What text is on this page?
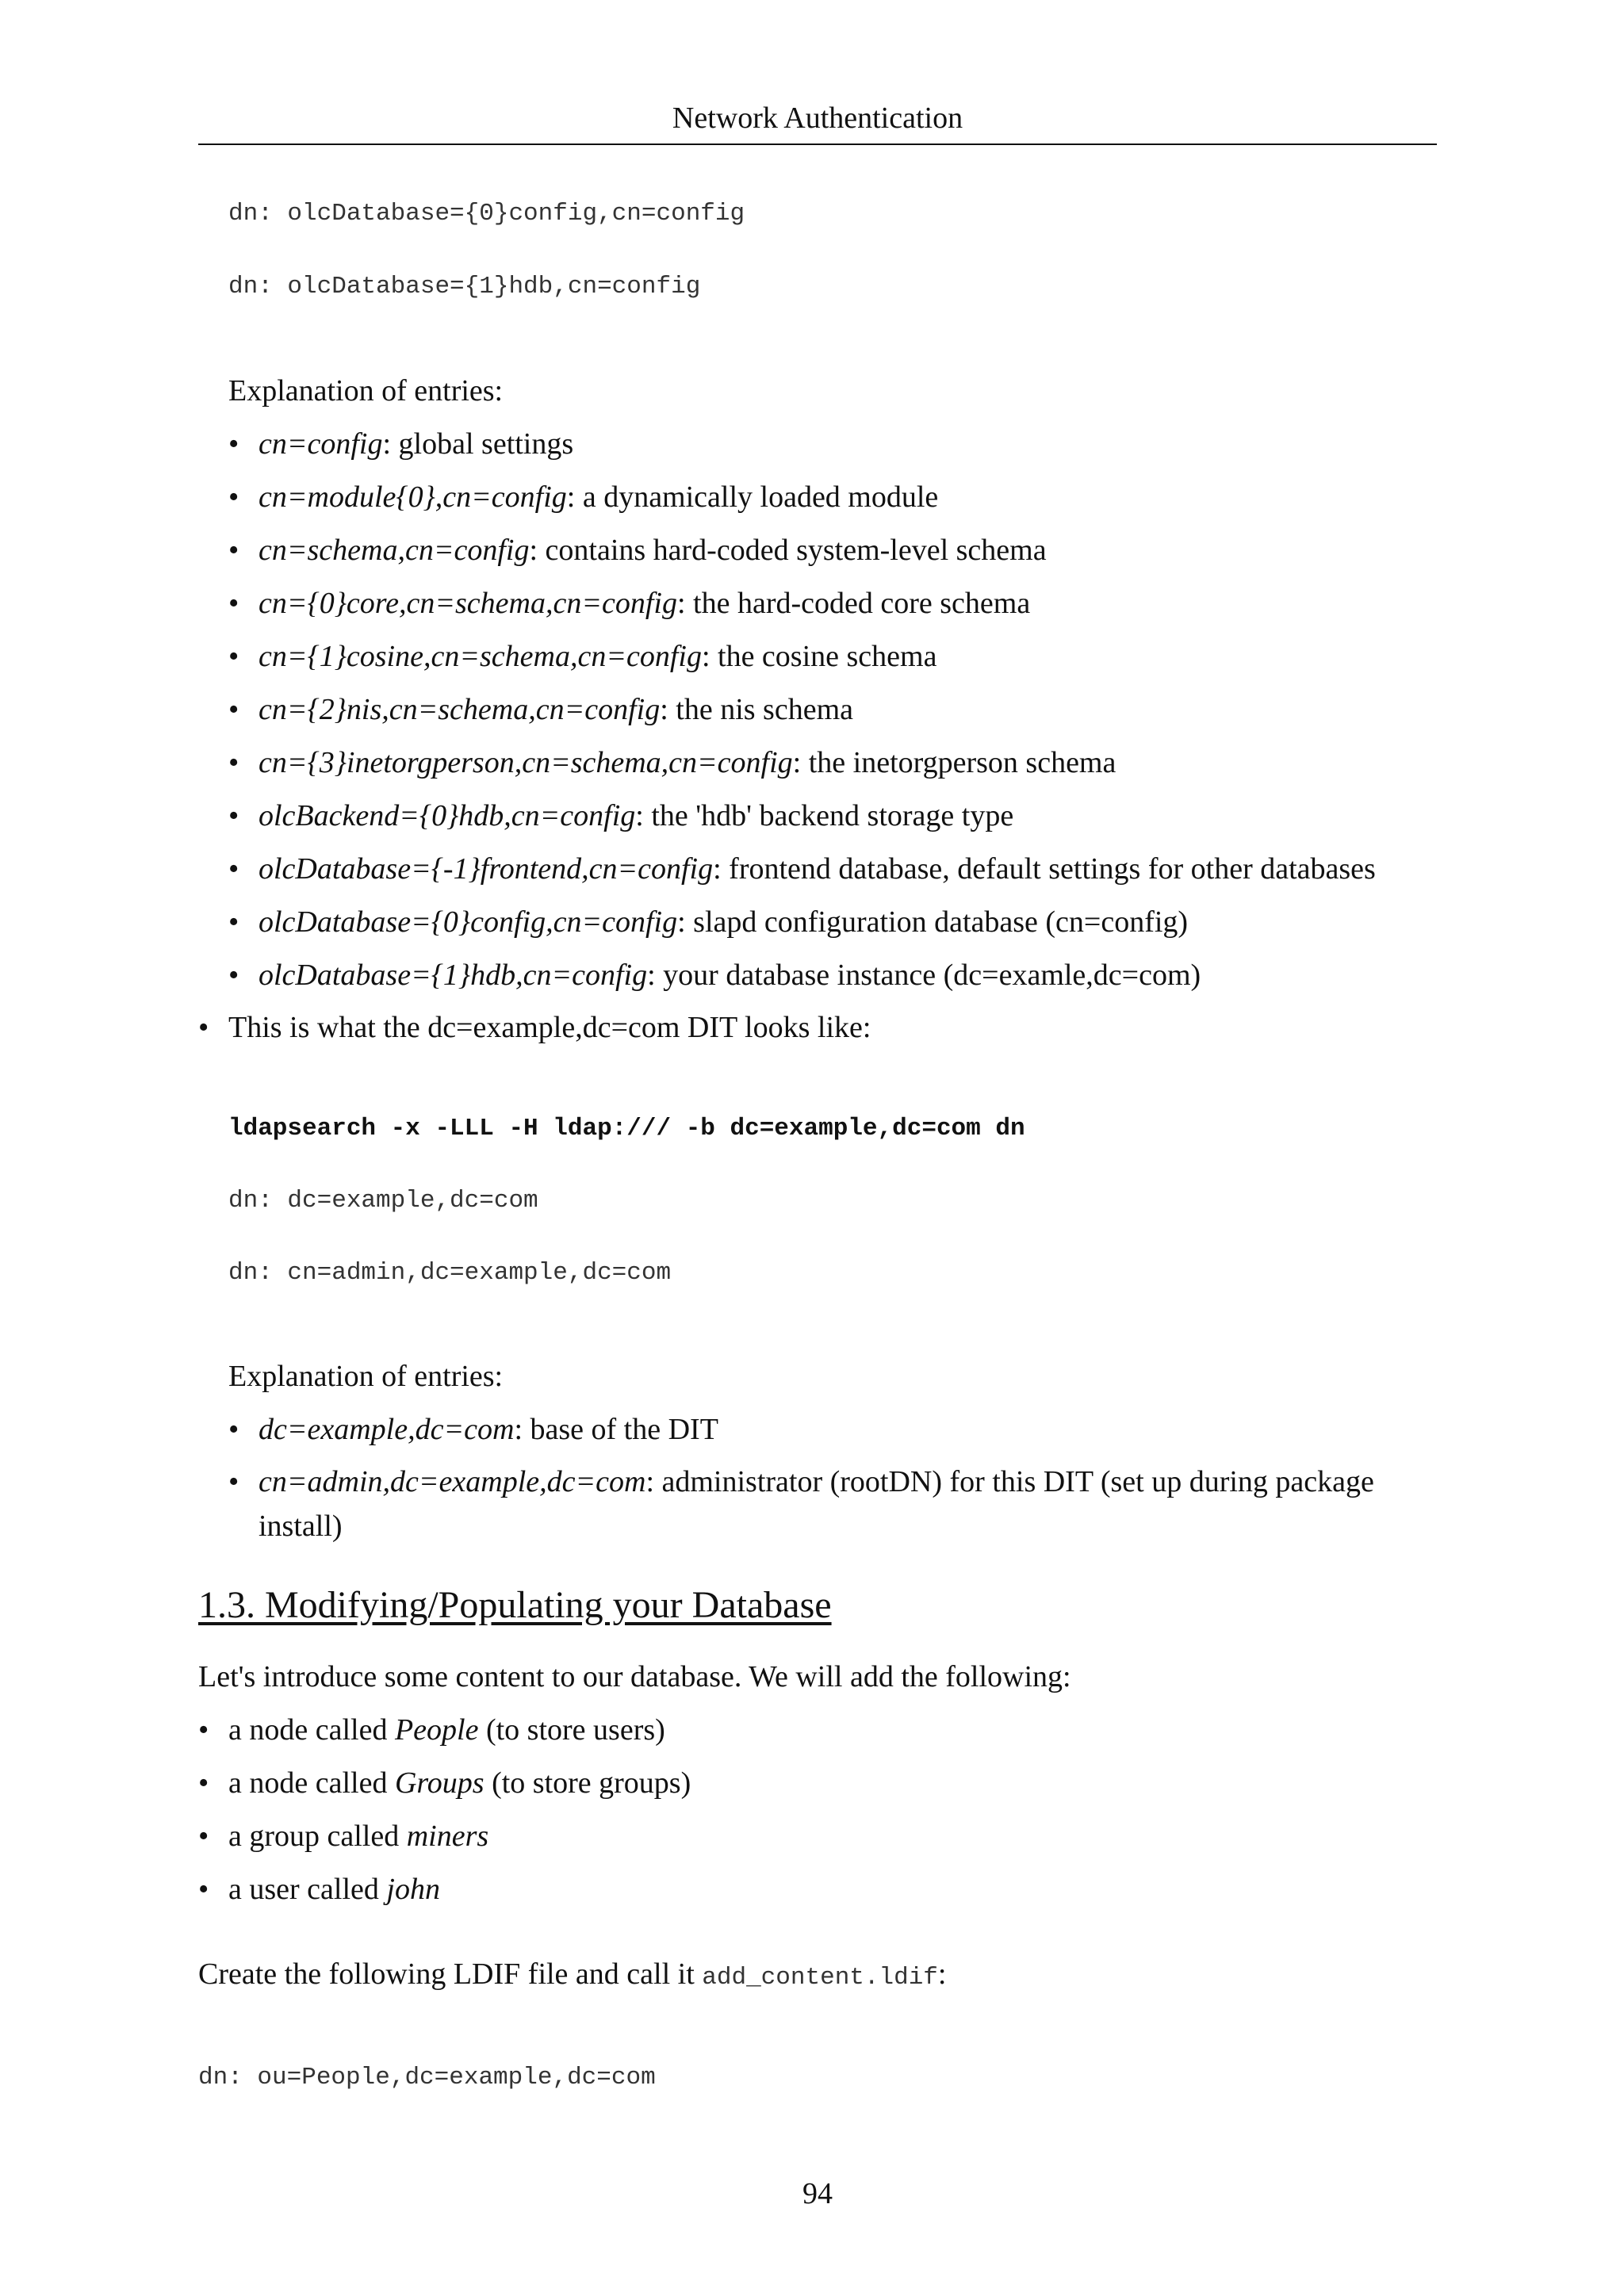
Network Authentication
dn: olcDatabase={0}config,cn=config
dn: olcDatabase={1}hdb,cn=config
Explanation of entries:
• cn=config: global settings
• cn=module{0},cn=config: a dynamically loaded module
• cn=schema,cn=config: contains hard-coded system-level schema
• cn={0}core,cn=schema,cn=config: the hard-coded core schema
• cn={1}cosine,cn=schema,cn=config: the cosine schema
• cn={2}nis,cn=schema,cn=config: the nis schema
• cn={3}inetorgperson,cn=schema,cn=config: the inetorgperson schema
• olcBackend={0}hdb,cn=config: the 'hdb' backend storage type
• olcDatabase={-1}frontend,cn=config: frontend database, default settings for other databases
• olcDatabase={0}config,cn=config: slapd configuration database (cn=config)
• olcDatabase={1}hdb,cn=config: your database instance (dc=examle,dc=com)
• This is what the dc=example,dc=com DIT looks like:
ldapsearch -x -LLL -H ldap:/// -b dc=example,dc=com dn
dn: dc=example,dc=com
dn: cn=admin,dc=example,dc=com
Explanation of entries:
• dc=example,dc=com: base of the DIT
• cn=admin,dc=example,dc=com: administrator (rootDN) for this DIT (set up during package
install)
1.3. Modifying/Populating your Database
Let's introduce some content to our database. We will add the following:
• a node called People (to store users)
• a node called Groups (to store groups)
• a group called miners
• a user called john
Create the following LDIF file and call it add_content.ldif:
dn: ou=People,dc=example,dc=com
94
